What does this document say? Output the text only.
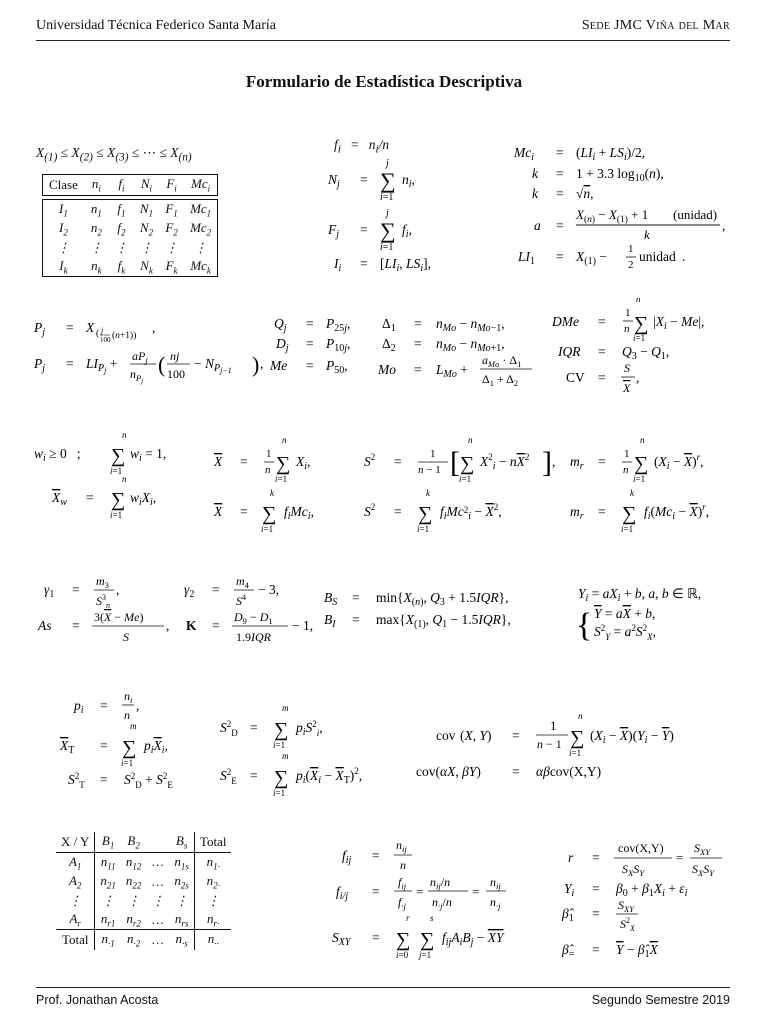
Universidad Técnica Federico Santa María	Sede JMC Viña del Mar
Formulario de Estadística Descriptiva
$X_{(1)} \le X_{(2)} \le X_{(3)}$ ≤ ⋯ ≤ $X_{(n)}$
Clase	$n_i$	$f_i$	$N_i$	$F_i$	$Mc_i$

$I_1$	$n_1$	$f_1$	$N_1$	$F_1$	$Mc_1$
$I_2$	$n_2$	$f_2$	$N_2$	$F_2$	$Mc_2$
⋮	⋮	⋮	⋮	⋮	⋮
$I_k$	$n_k$	$f_k$	$N_k$	$F_k$	$Mc_k$
$f_i = n_i/n$
$N_j$ =
j
∑
i=1
$n_i$,
$F_j$ =
j
∑
i=1
$f_i$,
$I_i = [LI_i$, $LS_i$],
$Mc_i = (LI_i + LS_i)/2$,
k = 1 + 3.3 $\log_{10}(n)$,
k = √n,
a =
$X_{(n)} - X_{(1)} + 1$ (unidad)
k
,
$LI_1 = X_{(1)} - 1$
2
unidad .
$P_j = X$ ( j
100 (n+1))
,
$P_j = LI_Pj + aP_j$
$n_Pj$
( nj
100
− $N_Pj-1$ ) ,
$Q_j = P_{25}j$,
$D_j = P_{10}j$,
$Me = P_{50}$,
$\Delta_1 = n_{Mo} - n_{Mo-1}$,
$\Delta_2 = n_{Mo} - n_{Mo+1}$,
$Mo = L_{Mo}$ +
$a_{Mo} \cdot \Delta_1$
$\Delta_1 + \Delta_2$
DMe =
1
n
n
∑
i=1
$|X_i - Me|$,
IQR = $Q_3 - Q_1$,
CV =
S
X
,
$w_i \ge 0$   ;
n
∑
i=1
$w_i = 1$,
$X_w$ =
n
∑
i=1
$w_iX_i$,
X = 1
n
n
∑
i=1
$X_i$,
X =
k
∑
i=1
$f_iMc_i$,
$S^2$ =	1
n − 1 [
n
∑
i=1
$X^2_i - nX^2$ ] ,
$S^2$ =
k
∑
i=1
$f_iMc^2_i - X^2$,
$m_r = 1$
n
n
∑
i=1
$(X_i - X)^r$,
$m_r$ =
k
∑
i=1
$f_i(Mc_i - X)^r$,
$\gamma_1$ =
$m_3$
$S^3_n$
,
As =
3(X − Me)
S
,
$\gamma_2$ =
$m_4$
$S^4$
− 3,
K =
$D_9 - D_1$
1.9IQR
− 1,
$B_S = \min\{X_{(n)}$, $Q_3 + 1.5IQR$},
$B_I = \max\{X_{(1)}$, $Q_1 - 1.5IQR$},
$Y_i = aX_i + b$, a, b ∈ ℝ,
{ Y = aX + b,
$S^2_Y = a^2S^2_X$,
$p_i$ =
$n_i$
n
,
$X_T$ =
m
∑
i=1
$p_iX_i$,
$S^2_T = S^2_D + S^2_E$
$S^2_D$ =
m
∑
i=1
$p_iS^2_i$,
$S^2_E$ =
m
∑
i=1
$p_i(X_i - X_T)^2$,
cov (X, Y) =
1
n − 1
n
∑
i=1
$(X_i - X)(Y_i - Y)$
cov(αX, βY) = αβcov(X,Y)
X / Y	$B_1$	$B_2$		$B_s$	Total
$A_1$	$n_{11}$	$n_{12}$	…	$n_{1s}$	$n_{1\cdot}$
$A_2$	$n_{21}$	$n_{22}$	…	$n_{2s}$	$n_{2\cdot}$
⋮	⋮	⋮	⋮	⋮	⋮
$A_r$	$n_{r1}$	$n_{r2}$	…	$n_{rs}$	$n_{r\cdot}$
Total	$n_{\cdot 1}$	$n_{\cdot 2}$	…	$n_{\cdot s}$	$n_{\cdot\cdot}$
$f_{ij}$ =
$n_{ij}$
n
$f_{i/j}$ =
$f_{ij}$
$f_{\cdot j}$
=
$n_{ij}/n$
$n_{\cdot j}/n$
=
$n_{ij}$
$n_{\cdot j}$
$S_{XY}$ =
r
∑
i=0
s
∑
j=1
$f_{ij}A_iB_j$ − XY
r =
cov(X,Y)
$S_XS_Y$
=
$S_{XY}$
$S_XS_Y$
$Y_i = \beta_0 + \beta_1X_i + \varepsilon_i$
$\betâ_1$ =
$S_{XY}$
$S^2_X$
$\betâ_= = Y$ − $\betâ_1X$
Prof. Jonathan Acosta	Segundo Semestre 2019
